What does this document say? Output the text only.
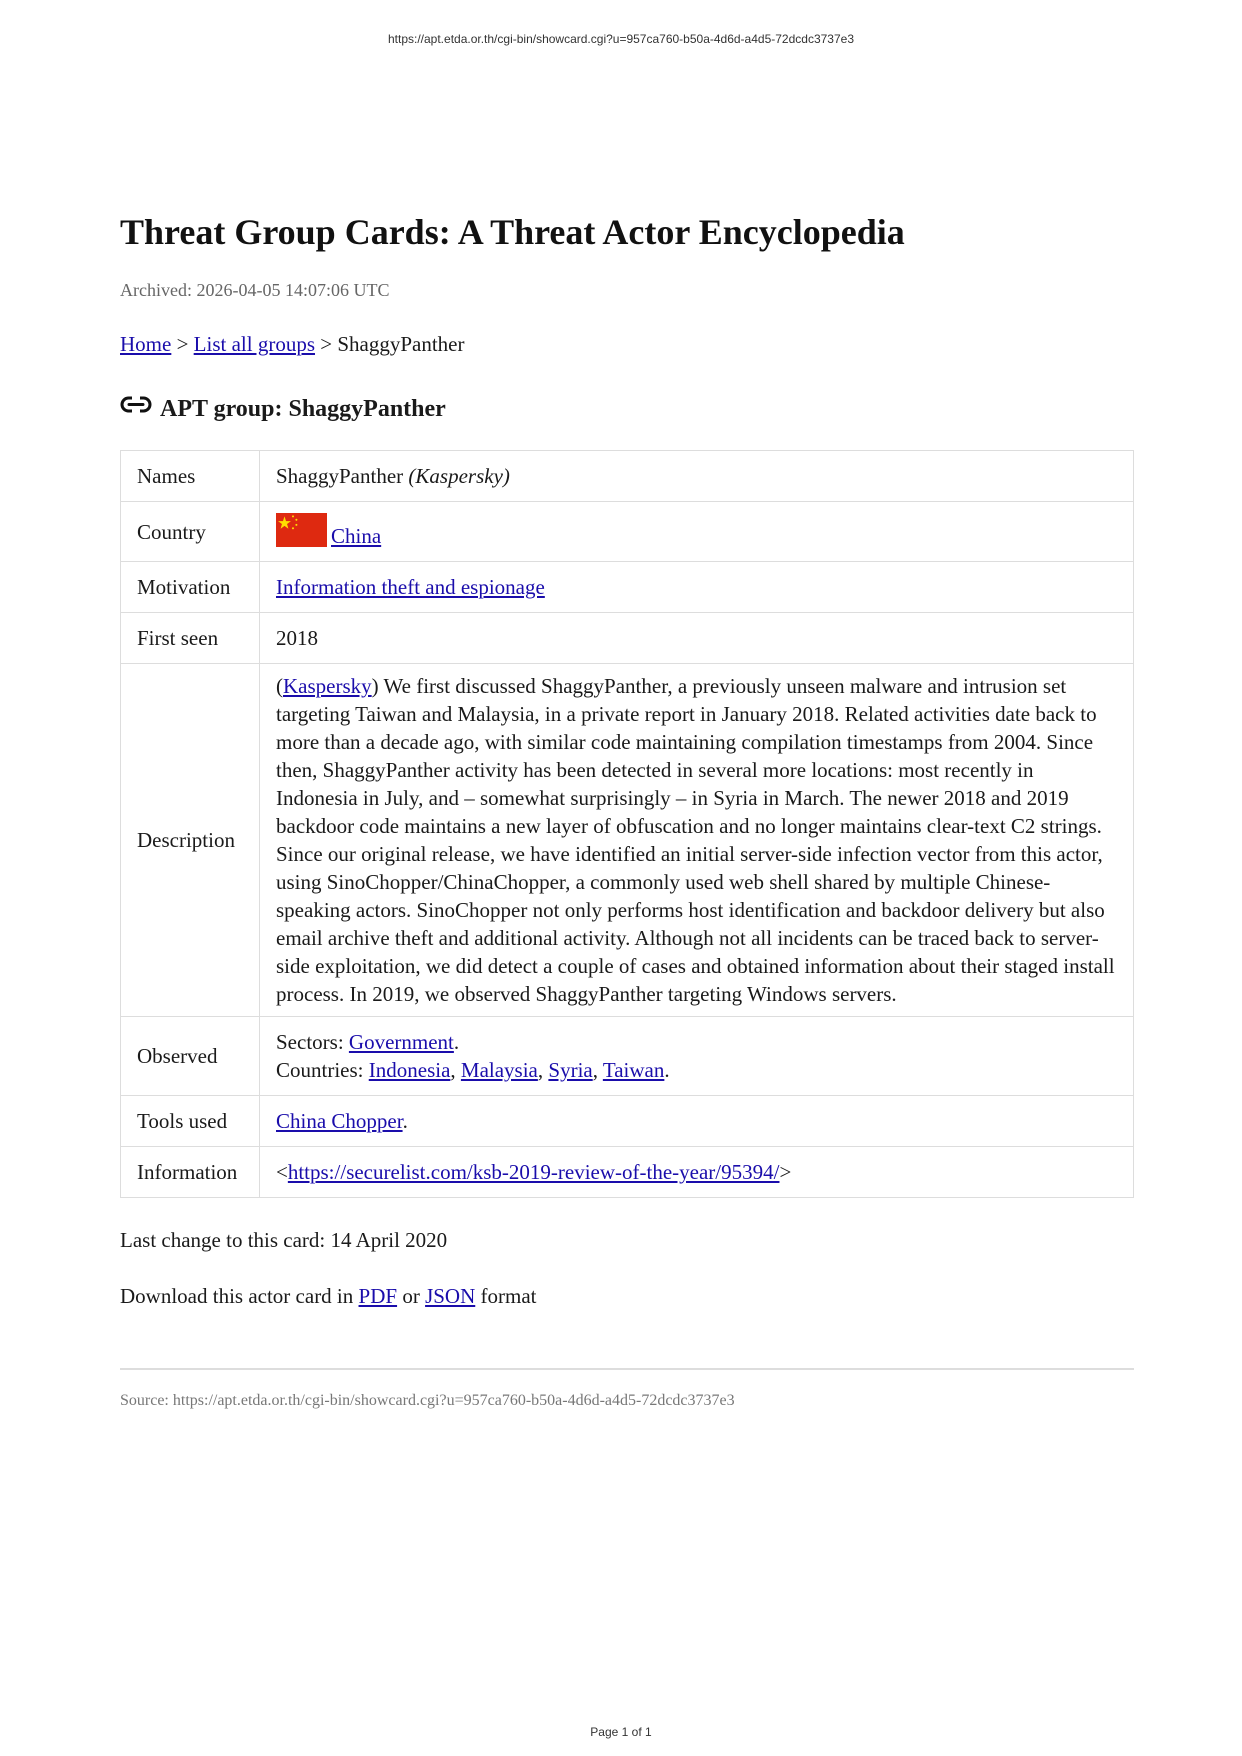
https://apt.etda.or.th/cgi-bin/showcard.cgi?u=957ca760-b50a-4d6d-a4d5-72dcdc3737e3
Threat Group Cards: A Threat Actor Encyclopedia
Archived: 2026-04-05 14:07:06 UTC
Home > List all groups > ShaggyPanther
APT group: ShaggyPanther
Names	ShaggyPanther (Kaspersky)
Country	China
Motivation	Information theft and espionage
First seen	2018
Description	(Kaspersky) We first discussed ShaggyPanther, a previously unseen malware and intrusion set targeting Taiwan and Malaysia, in a private report in January 2018. Related activities date back to more than a decade ago, with similar code maintaining compilation timestamps from 2004. Since then, ShaggyPanther activity has been detected in several more locations: most recently in Indonesia in July, and – somewhat surprisingly – in Syria in March. The newer 2018 and 2019 backdoor code maintains a new layer of obfuscation and no longer maintains clear-text C2 strings. Since our original release, we have identified an initial server-side infection vector from this actor, using SinoChopper/ChinaChopper, a commonly used web shell shared by multiple Chinese-speaking actors. SinoChopper not only performs host identification and backdoor delivery but also email archive theft and additional activity. Although not all incidents can be traced back to server-side exploitation, we did detect a couple of cases and obtained information about their staged install process. In 2019, we observed ShaggyPanther targeting Windows servers.
Observed	Sectors: Government.
Countries: Indonesia, Malaysia, Syria, Taiwan.

Tools used	China Chopper.
Information	<https://securelist.com/ksb-2019-review-of-the-year/95394/>
Last change to this card: 14 April 2020
Download this actor card in PDF or JSON format
Source: https://apt.etda.or.th/cgi-bin/showcard.cgi?u=957ca760-b50a-4d6d-a4d5-72dcdc3737e3
Page 1 of 1
